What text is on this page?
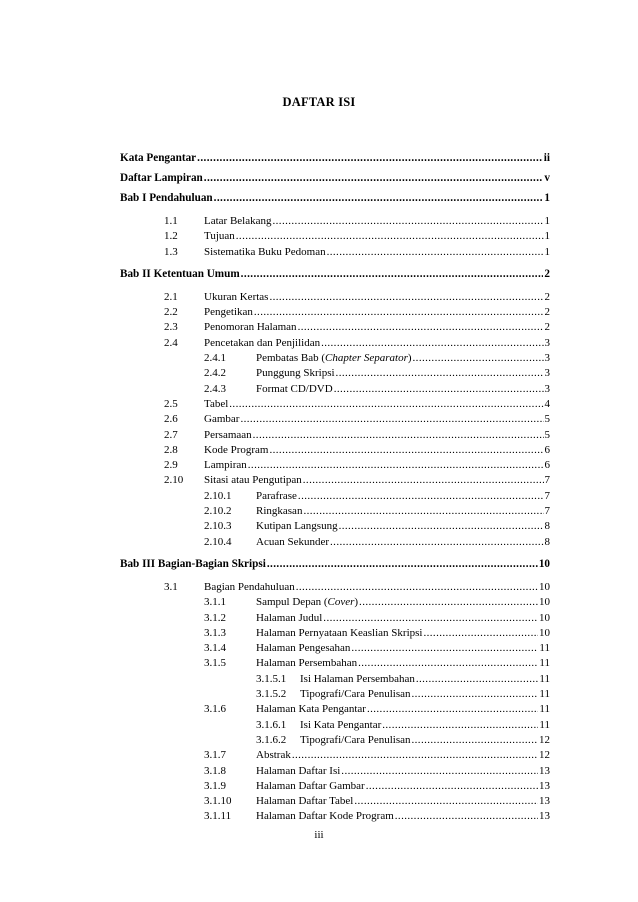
DAFTAR ISI
Kata Pengantar .....	ii
Daftar Lampiran .....	v
Bab I Pendahuluan .....	1
1.1	Latar Belakang .....	1
1.2	Tujuan .....	1
1.3	Sistematika Buku Pedoman .....	1
Bab II Ketentuan Umum .....	2
2.1	Ukuran Kertas .....	2
2.2	Pengetikan .....	2
2.3	Penomoran Halaman .....	2
2.4	Pencetakan dan Penjilidan .....	3
2.4.1	Pembatas Bab (Chapter Separator) .....	3
2.4.2	Punggung Skripsi .....	3
2.4.3	Format CD/DVD .....	3
2.5	Tabel .....	4
2.6	Gambar .....	5
2.7	Persamaan .....	5
2.8	Kode Program .....	6
2.9	Lampiran .....	6
2.10	Sitasi atau Pengutipan .....	7
2.10.1	Parafrase .....	7
2.10.2	Ringkasan .....	7
2.10.3	Kutipan Langsung .....	8
2.10.4	Acuan Sekunder .....	8
Bab III Bagian-Bagian Skripsi .....	10
3.1	Bagian Pendahuluan .....	10
3.1.1	Sampul Depan (Cover) .....	10
3.1.2	Halaman Judul .....	10
3.1.3	Halaman Pernyataan Keaslian Skripsi .....	10
3.1.4	Halaman Pengesahan .....	11
3.1.5	Halaman Persembahan .....	11
3.1.5.1	Isi Halaman Persembahan .....	11
3.1.5.2	Tipografi/Cara Penulisan .....	11
3.1.6	Halaman Kata Pengantar .....	11
3.1.6.1	Isi Kata Pengantar .....	11
3.1.6.2	Tipografi/Cara Penulisan .....	12
3.1.7	Abstrak .....	12
3.1.8	Halaman Daftar Isi .....	13
3.1.9	Halaman Daftar Gambar .....	13
3.1.10	Halaman Daftar Tabel .....	13
3.1.11	Halaman Daftar Kode Program .....	13
iii
